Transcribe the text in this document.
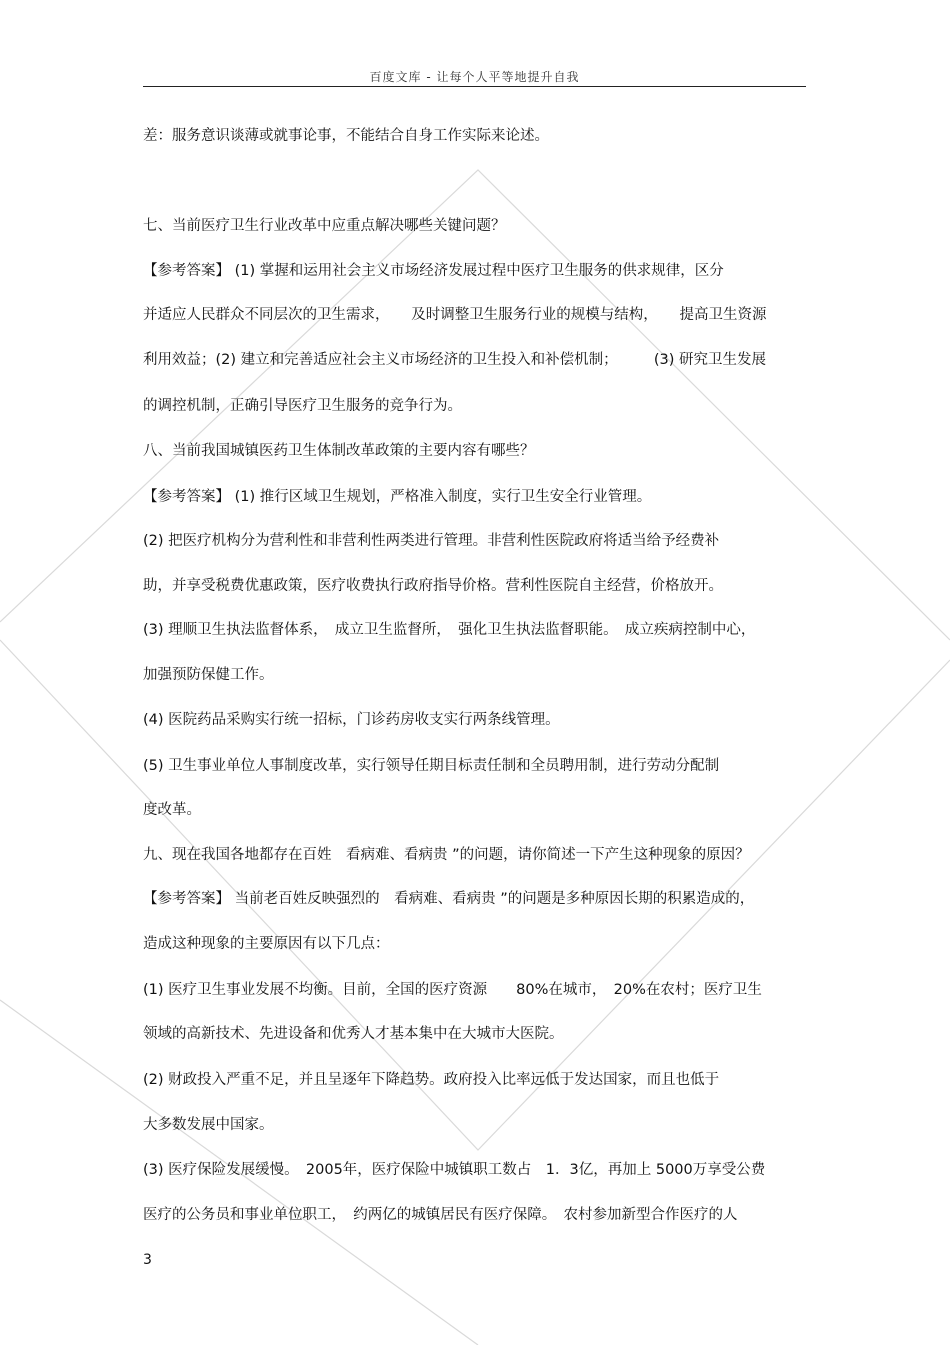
百度文库 - 让每个人平等地提升自我
差：服务意识谈薄或就事论事，不能结合自身工作实际来论述。
七、当前医疗卫生行业改革中应重点解决哪些关键问题？
【参考答案】 (1) 掌握和运用社会主义市场经济发展过程中医疗卫生服务的供求规律，区分
并适应人民群众不同层次的卫生需求，　　及时调整卫生服务行业的规模与结构，　　提高卫生资源
利用效益；(2) 建立和完善适应社会主义市场经济的卫生投入和补偿机制；　　　(3) 研究卫生发展
的调控机制，正确引导医疗卫生服务的竞争行为。
八、当前我国城镇医药卫生体制改革政策的主要内容有哪些？
【参考答案】 (1) 推行区域卫生规划，严格准入制度，实行卫生安全行业管理。
(2) 把医疗机构分为营利性和非营利性两类进行管理。非营利性医院政府将适当给予经费补
助，并享受税费优惠政策，医疗收费执行政府指导价格。营利性医院自主经营，价格放开。
(3) 理顺卫生执法监督体系，　成立卫生监督所，　强化卫生执法监督职能。　成立疾病控制中心，
加强预防保健工作。
(4) 医院药品采购实行统一招标，门诊药房收支实行两条线管理。
(5) 卫生事业单位人事制度改革，实行领导任期目标责任制和全员聘用制，进行劳动分配制
度改革。
九、现在我国各地都存在百姓　看病难、看病贵 ”的问题，请你简述一下产生这种现象的原因？
【参考答案】 当前老百姓反映强烈的　看病难、看病贵 ”的问题是多种原因长期的积累造成的，
造成这种现象的主要原因有以下几点：
(1) 医疗卫生事业发展不均衡。目前，全国的医疗资源　　80%在城市，　20%在农村；医疗卫生
领域的高新技术、先进设备和优秀人才基本集中在大城市大医院。
(2) 财政投入严重不足，并且呈逐年下降趋势。政府投入比率远低于发达国家，而且也低于
大多数发展中国家。
(3) 医疗保险发展缓慢。　2005年，医疗保险中城镇职工数占　1．3亿，再加上 5000万享受公费
医疗的公务员和事业单位职工，　约两亿的城镇居民有医疗保障。　农村参加新型合作医疗的人
3
